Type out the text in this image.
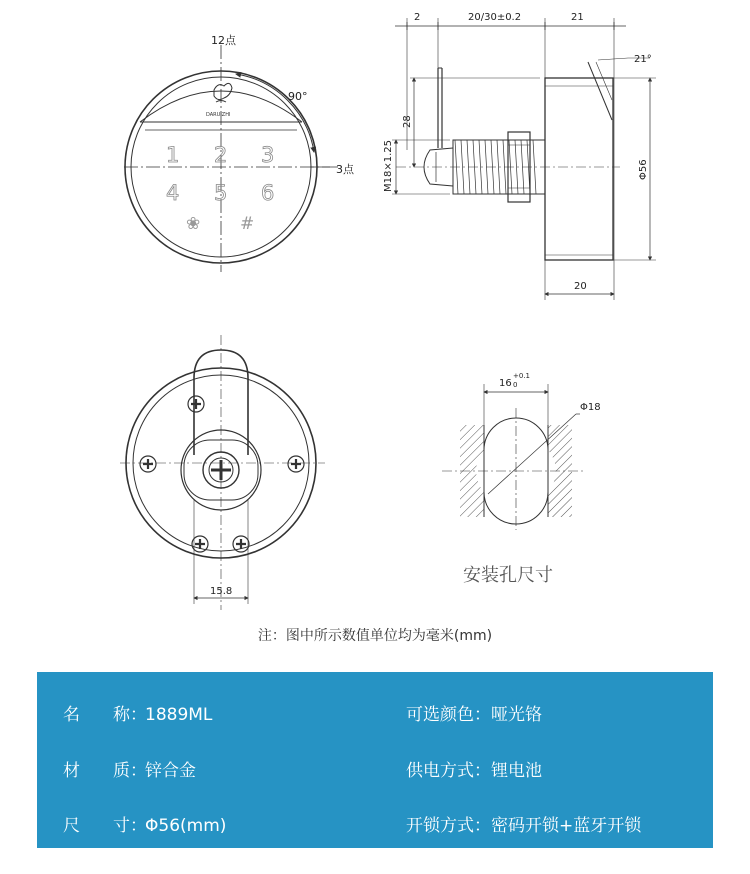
12点
3点
90°
DARUIZHI
1 2 3
4 5 6
❀ #
2	20/30±0.2	21
21°
20
28
M18×1.25	Φ56
15.8
16
+0.1
0
Φ18
安装孔尺寸
注：图中所示数值单位均为毫米(mm)
名 称：1889ML	可选颜色：哑光铬
材 质：锌合金	供电方式：锂电池
尺 寸：Φ56(mm)	开锁方式：密码开锁+蓝牙开锁
